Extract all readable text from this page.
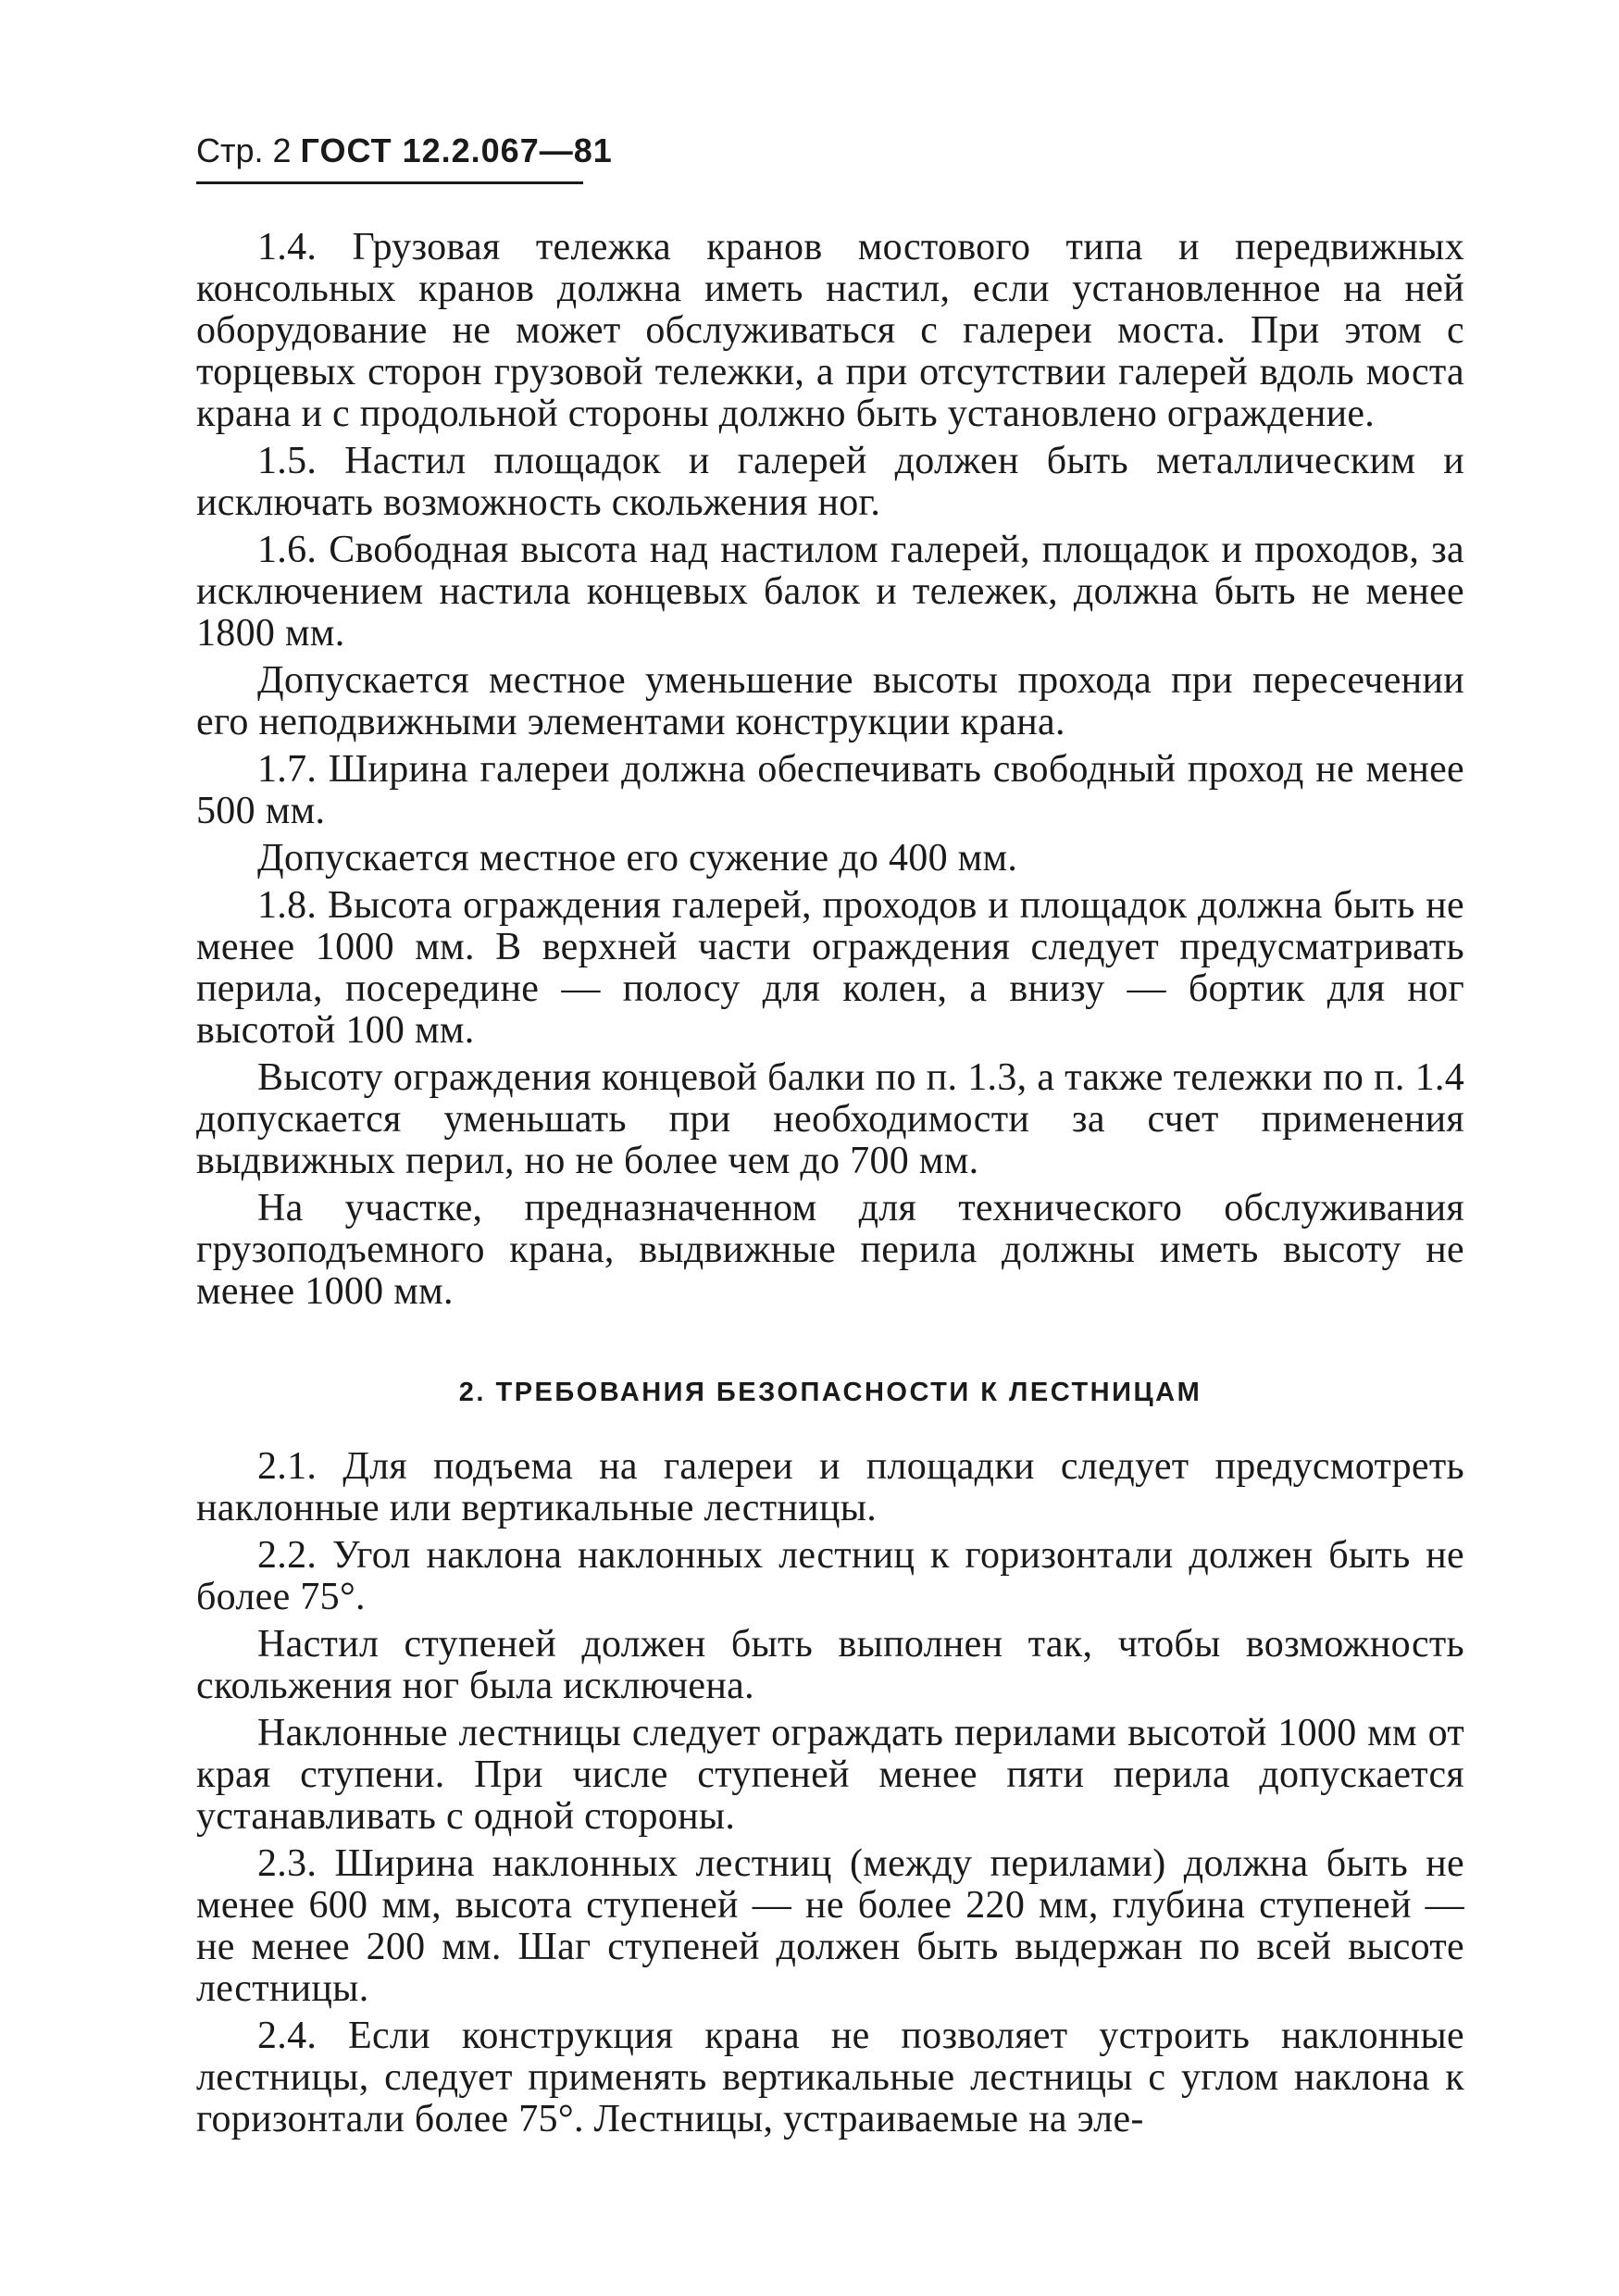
Стр. 2 ГОСТ 12.2.067—81

1.4. Грузовая тележка кранов мостового типа и передвижных консольных кранов должна иметь настил, если установленное на ней оборудование не может обслуживаться с галереи моста. При этом с торцевых сторон грузовой тележки, а при отсутствии галерей вдоль моста крана и с продольной стороны должно быть установлено ограждение.

1.5. Настил площадок и галерей должен быть металлическим и исключать возможность скольжения ног.

1.6. Свободная высота над настилом галерей, площадок и проходов, за исключением настила концевых балок и тележек, должна быть не менее 1800 мм.

Допускается местное уменьшение высоты прохода при пересечении его неподвижными элементами конструкции крана.

1.7. Ширина галереи должна обеспечивать свободный проход не менее 500 мм.

Допускается местное его сужение до 400 мм.

1.8. Высота ограждения галерей, проходов и площадок должна быть не менее 1000 мм. В верхней части ограждения следует предусматривать перила, посередине — полосу для колен, а внизу — бортик для ног высотой 100 мм.

Высоту ограждения концевой балки по п. 1.3, а также тележки по п. 1.4 допускается уменьшать при необходимости за счет применения выдвижных перил, но не более чем до 700 мм.

На участке, предназначенном для технического обслуживания грузоподъемного крана, выдвижные перила должны иметь высоту не менее 1000 мм.

2. ТРЕБОВАНИЯ БЕЗОПАСНОСТИ К ЛЕСТНИЦАМ

2.1. Для подъема на галереи и площадки следует предусмотреть наклонные или вертикальные лестницы.

2.2. Угол наклона наклонных лестниц к горизонтали должен быть не более 75°.

Настил ступеней должен быть выполнен так, чтобы возможность скольжения ног была исключена.

Наклонные лестницы следует ограждать перилами высотой 1000 мм от края ступени. При числе ступеней менее пяти перила допускается устанавливать с одной стороны.

2.3. Ширина наклонных лестниц (между перилами) должна быть не менее 600 мм, высота ступеней — не более 220 мм, глубина ступеней — не менее 200 мм. Шаг ступеней должен быть выдержан по всей высоте лестницы.

2.4. Если конструкция крана не позволяет устроить наклонные лестницы, следует применять вертикальные лестницы с углом наклона к горизонтали более 75°. Лестницы, устраиваемые на эле-
